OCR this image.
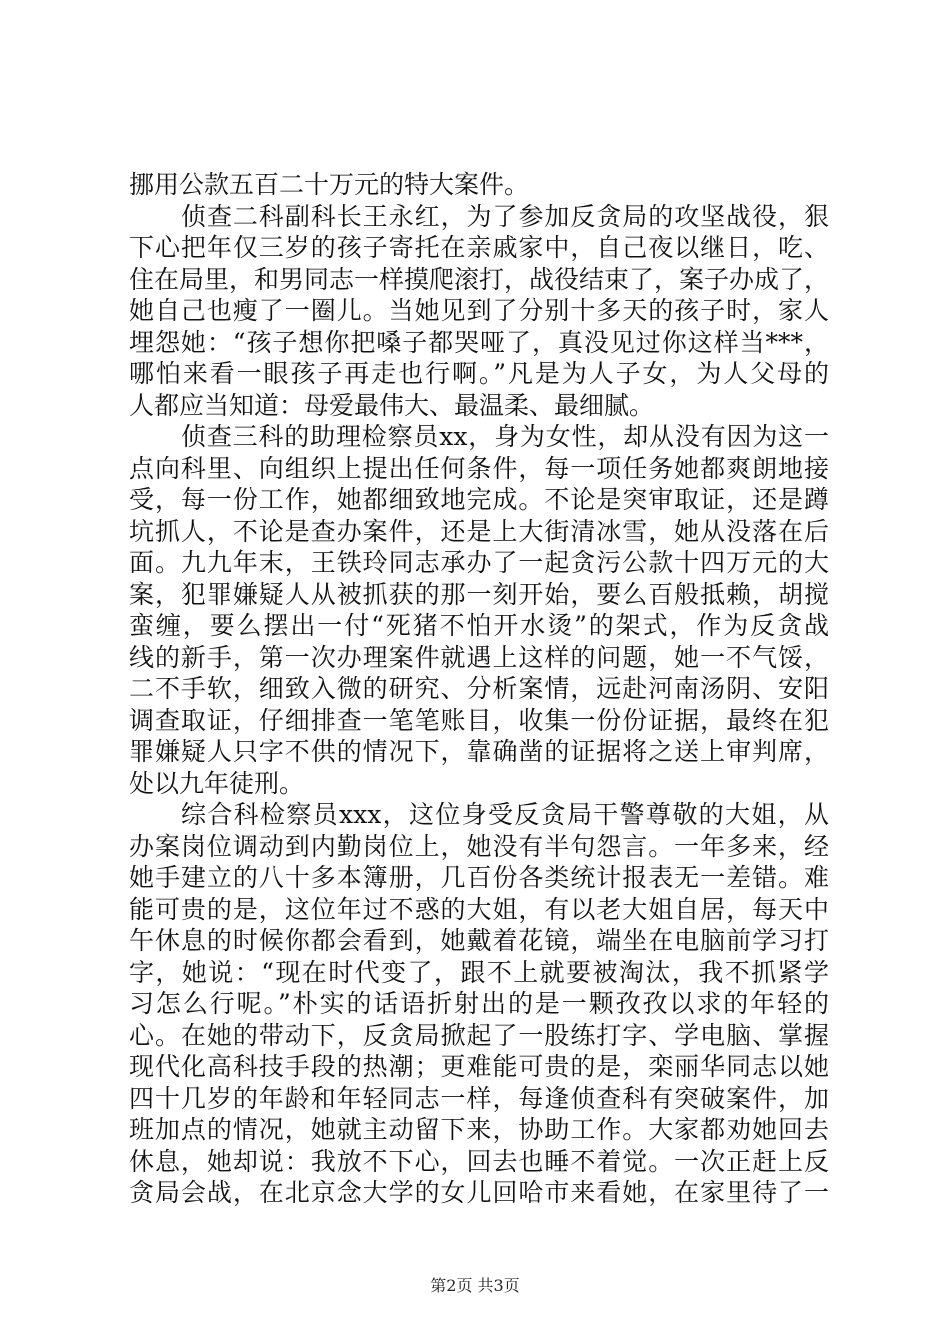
挪用公款五百二十万元的特大案件。
侦查二科副科长王永红，为了参加反贪局的攻坚战役，狠
下心把年仅三岁的孩子寄托在亲戚家中，自己夜以继日，吃、
住在局里，和男同志一样摸爬滚打，战役结束了，案子办成了，
她自己也瘦了一圈儿。当她见到了分别十多天的孩子时，家人
埋怨她：“孩子想你把嗓子都哭哑了，真没见过你这样当***，
哪怕来看一眼孩子再走也行啊。”凡是为人子女，为人父母的
人都应当知道：母爱最伟大、最温柔、最细腻。
侦查三科的助理检察员xx，身为女性，却从没有因为这一
点向科里、向组织上提出任何条件，每一项任务她都爽朗地接
受，每一份工作，她都细致地完成。不论是突审取证，还是蹲
坑抓人，不论是查办案件，还是上大街清冰雪，她从没落在后
面。九九年末，王铁玲同志承办了一起贪污公款十四万元的大
案，犯罪嫌疑人从被抓获的那一刻开始，要么百般抵赖，胡搅
蛮缠，要么摆出一付“死猪不怕开水烫”的架式，作为反贪战
线的新手，第一次办理案件就遇上这样的问题，她一不气馁，
二不手软，细致入微的研究、分析案情，远赴河南汤阴、安阳
调查取证，仔细排查一笔笔账目，收集一份份证据，最终在犯
罪嫌疑人只字不供的情况下，靠确凿的证据将之送上审判席，
处以九年徒刑。
综合科检察员xxx，这位身受反贪局干警尊敬的大姐，从
办案岗位调动到内勤岗位上，她没有半句怨言。一年多来，经
她手建立的八十多本簿册，几百份各类统计报表无一差错。难
能可贵的是，这位年过不惑的大姐，有以老大姐自居，每天中
午休息的时候你都会看到，她戴着花镜，端坐在电脑前学习打
字，她说：“现在时代变了，跟不上就要被淘汰，我不抓紧学
习怎么行呢。”朴实的话语折射出的是一颗孜孜以求的年轻的
心。在她的带动下，反贪局掀起了一股练打字、学电脑、掌握
现代化高科技手段的热潮；更难能可贵的是，栾丽华同志以她
四十几岁的年龄和年轻同志一样，每逢侦查科有突破案件，加
班加点的情况，她就主动留下来，协助工作。大家都劝她回去
休息，她却说：我放不下心，回去也睡不着觉。一次正赶上反
贪局会战，在北京念大学的女儿回哈市来看她，在家里待了一
第2页 共3页
